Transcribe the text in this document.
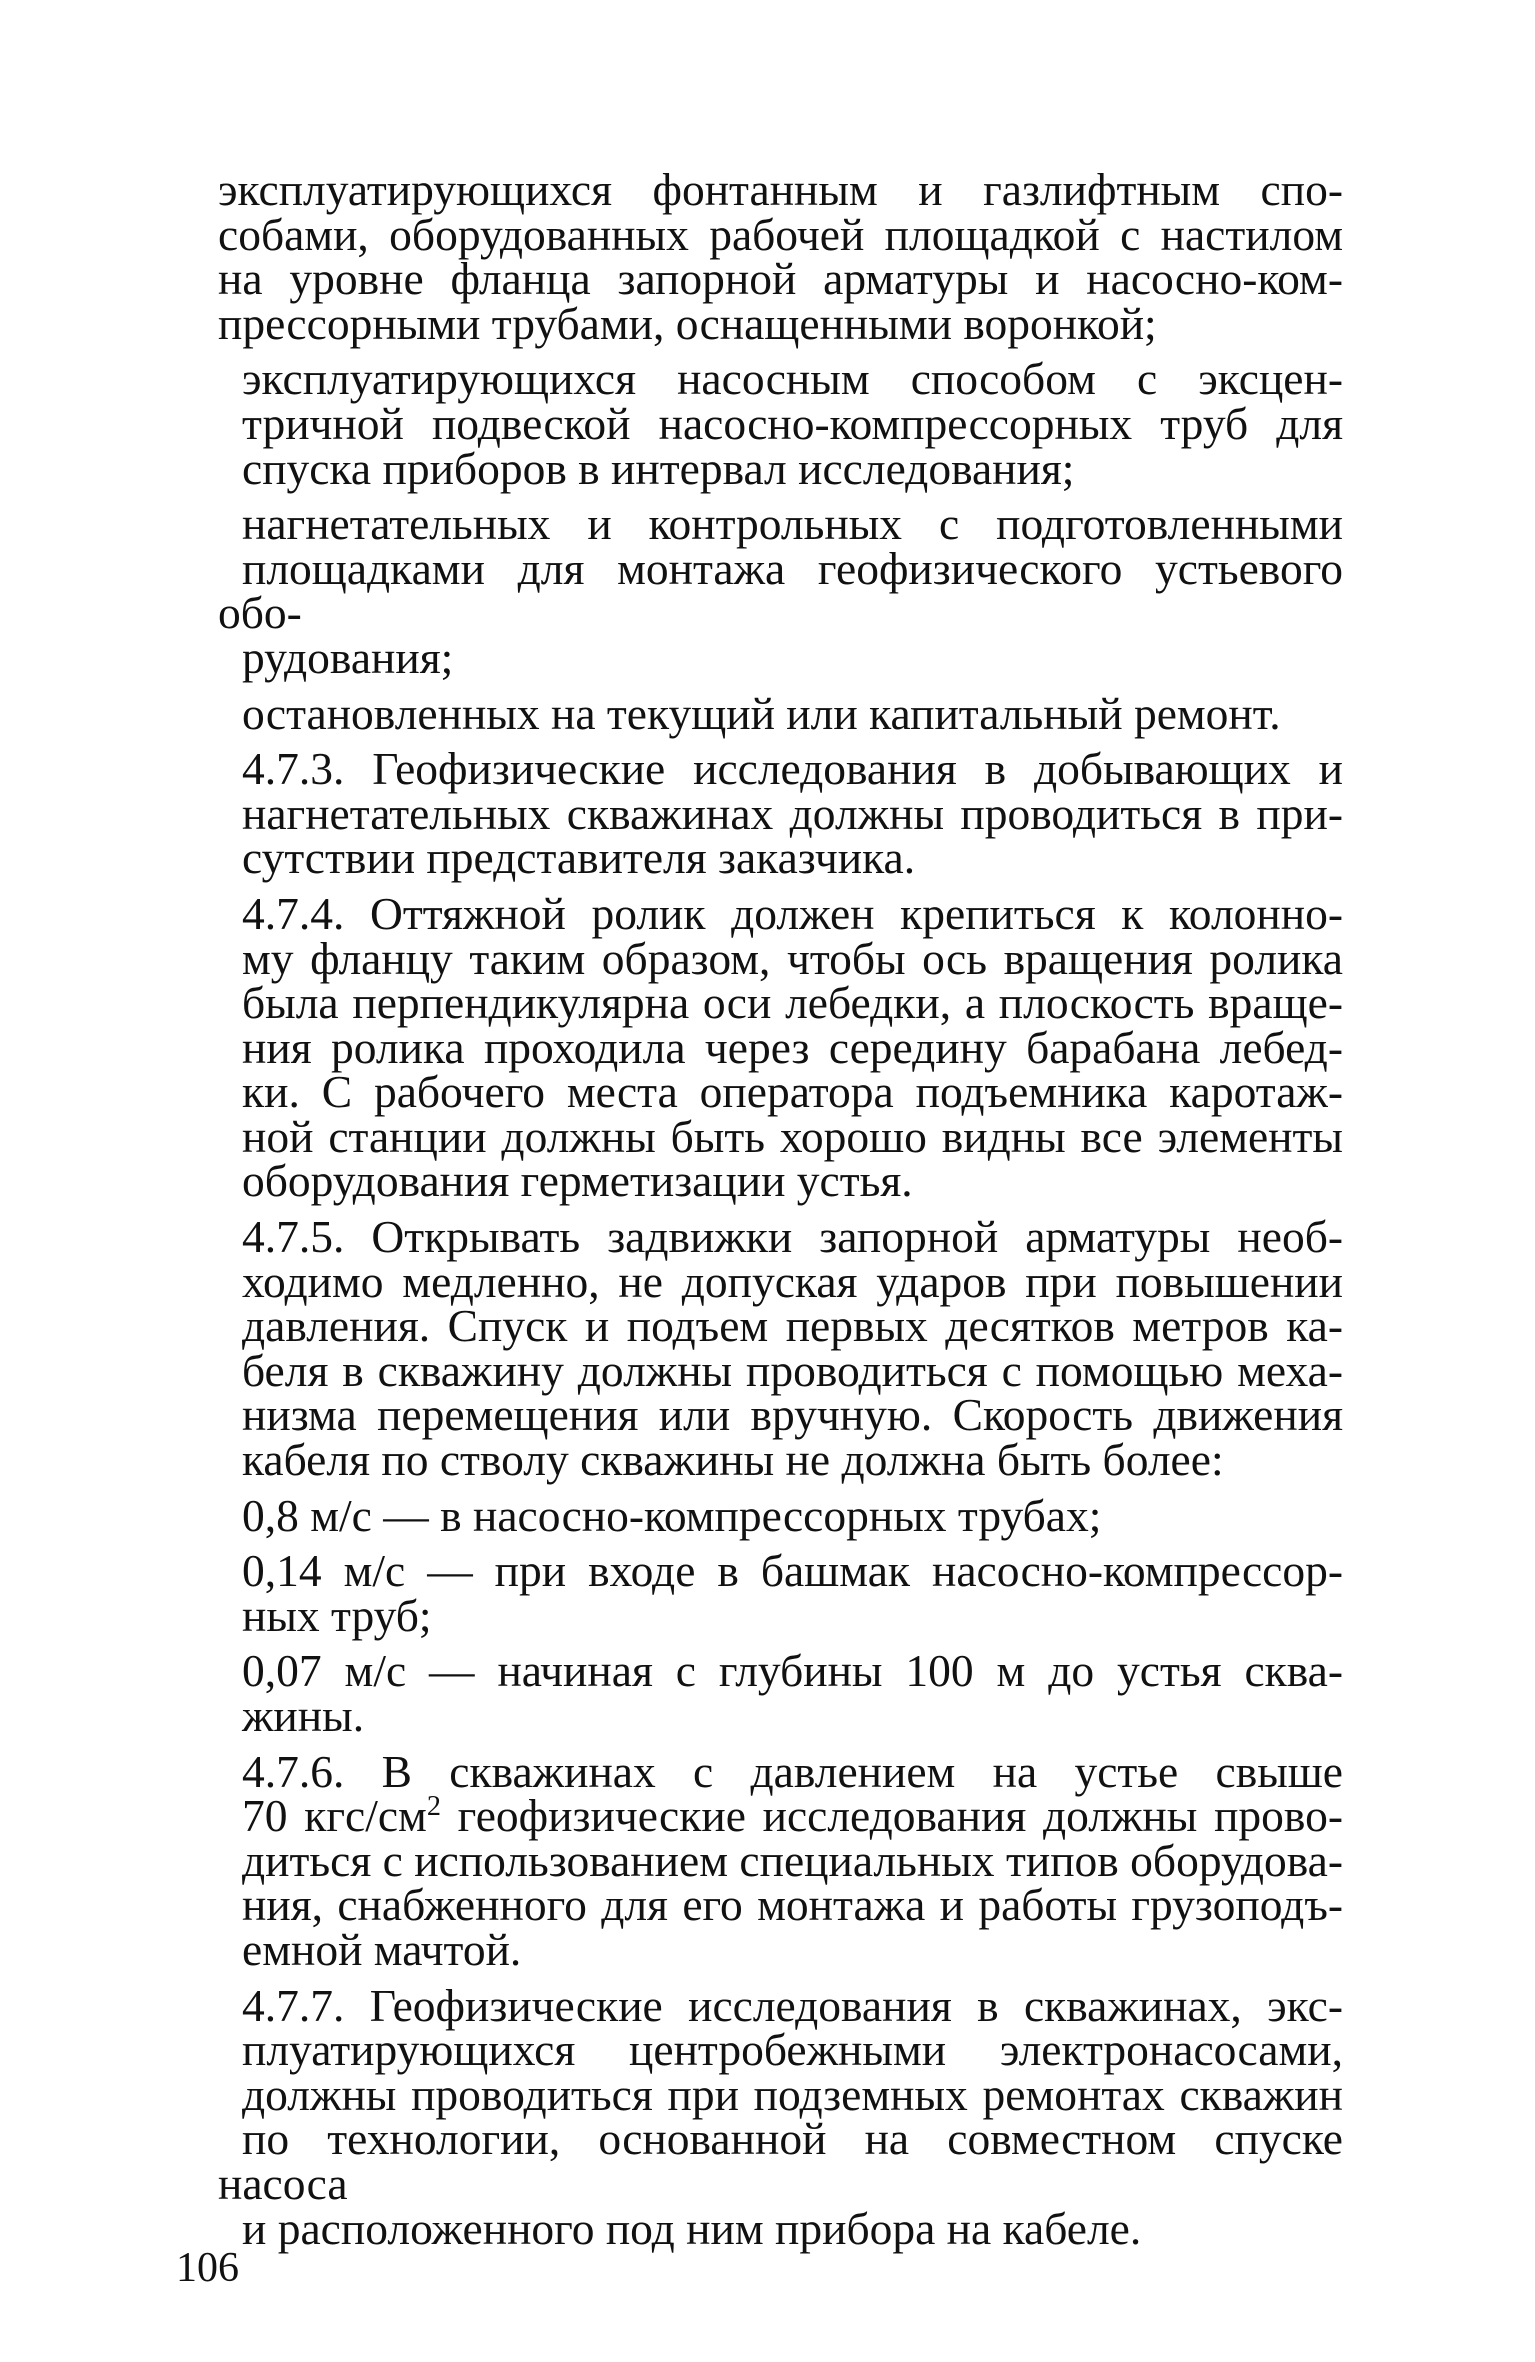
эксплуатирующихся фонтанным и газлифтным спо-
собами, оборудованных рабочей площадкой с настилом
на уровне фланца запорной арматуры и насосно-ком-
прессорными трубами, оснащенными воронкой;

эксплуатирующихся насосным способом с эксцен-
тричной подвеской насосно-компрессорных труб для
спуска приборов в интервал исследования;

нагнетательных и контрольных с подготовленными
площадками для монтажа геофизического устьевого обо-
рудования;

остановленных на текущий или капитальный ремонт.

4.7.3. Геофизические исследования в добывающих и
нагнетательных скважинах должны проводиться в при-
сутствии представителя заказчика.

4.7.4. Оттяжной ролик должен крепиться к колонно-
му фланцу таким образом, чтобы ось вращения ролика
была перпендикулярна оси лебедки, а плоскость враще-
ния ролика проходила через середину барабана лебед-
ки. С рабочего места оператора подъемника каротаж-
ной станции должны быть хорошо видны все элементы
оборудования герметизации устья.

4.7.5. Открывать задвижки запорной арматуры необ-
ходимо медленно, не допуская ударов при повышении
давления. Спуск и подъем первых десятков метров ка-
беля в скважину должны проводиться с помощью меха-
низма перемещения или вручную. Скорость движения
кабеля по стволу скважины не должна быть более:

0,8 м/с — в насосно-компрессорных трубах;

0,14 м/с — при входе в башмак насосно-компрессор-
ных труб;

0,07 м/с — начиная с глубины 100 м до устья сква-
жины.

4.7.6. В скважинах с давлением на устье свыше
70 кгс/$см^2$ геофизические исследования должны прово-
диться с использованием специальных типов оборудова-
ния, снабженного для его монтажа и работы грузоподъ-
емной мачтой.

4.7.7. Геофизические исследования в скважинах, экс-
плуатирующихся центробежными электронасосами,
должны проводиться при подземных ремонтах скважин
по технологии, основанной на совместном спуске насоса
и расположенного под ним прибора на кабеле.

106
